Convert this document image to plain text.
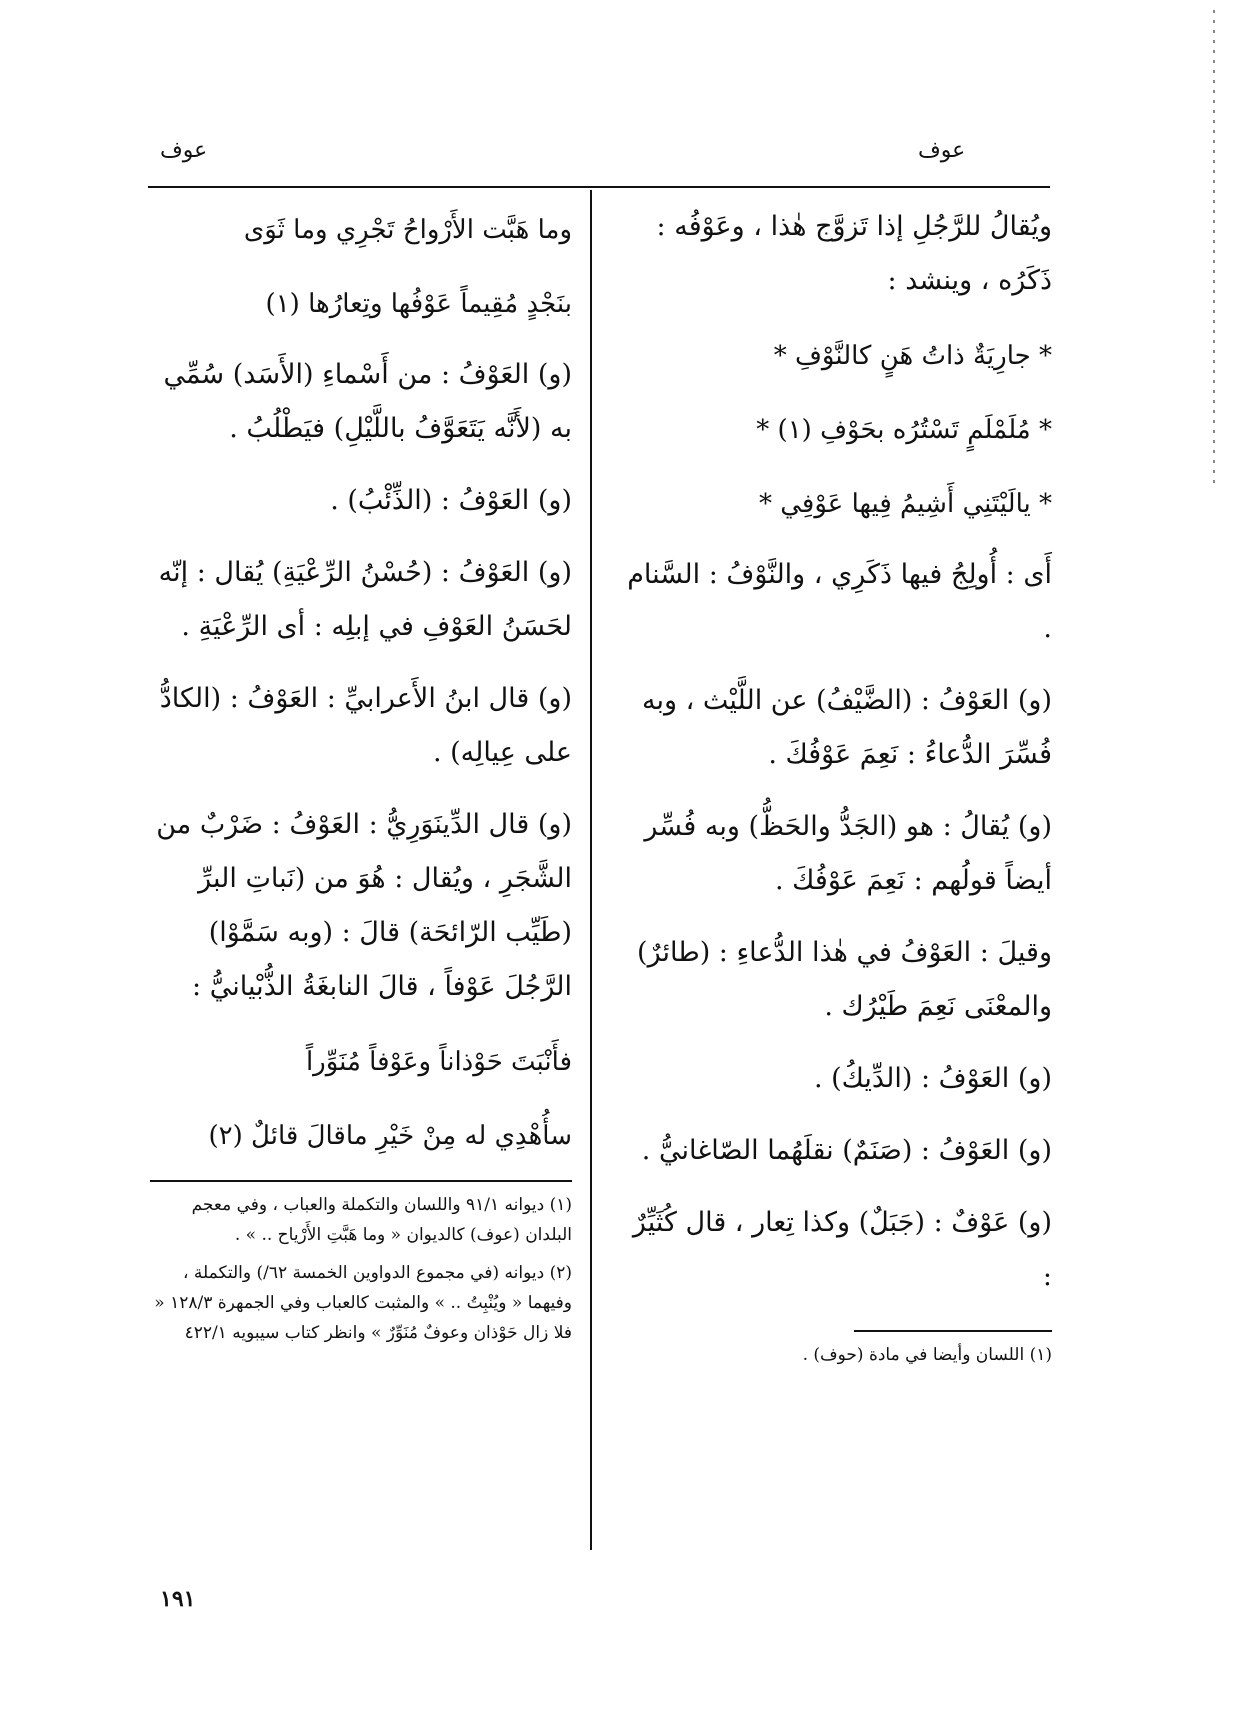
عوف
عوف

ويُقالُ للرَّجُلِ إذا تَزوَّج هٰذا ، وعَوْفُه : ذَكَرُه ، وينشد :

* جارِيَةٌ ذاتُ هَنٍ كالنَّوْفِ *

* مُلَمْلَمٍ تَسْتُرُه بحَوْفِ (١) *

* يالَيْتَنِي أَشِيمُ فِيها عَوْفِي *

أَى : أُولِجُ فيها ذَكَرِي ، والنَّوْفُ : السَّنام .

(و) العَوْفُ : (الضَّيْفُ) عن اللَّيْث ، وبه فُسِّرَ الدُّعاءُ : نَعِمَ عَوْفُكَ .

(و) يُقالُ : هو (الجَدُّ والحَظُّ) وبه فُسِّر أيضاً قولُهم : نَعِمَ عَوْفُكَ .

وقيلَ : العَوْفُ في هٰذا الدُّعاءِ : (طائرٌ) والمعْنَى نَعِمَ طَيْرُك .

(و) العَوْفُ : (الدِّيكُ) .

(و) العَوْفُ : (صَنَمٌ) نقلَهُما الصّاغانيُّ .

(و) عَوْفٌ : (جَبَلٌ) وكذا تِعار ، قال كُثَيِّرٌ :

(١) اللسان وأيضا في مادة (حوف) .

وما هَبَّت الأَرْواحُ تَجْرِي وما ثَوَى

بنَجْدٍ مُقِيماً عَوْفُها وتِعارُها (١)

(و) العَوْفُ : من أَسْماءِ (الأَسَد) سُمِّي به (لأَنَّه يَتَعَوَّفُ باللَّيْلِ) فيَطْلُبُ .

(و) العَوْفُ : (الذِّئْبُ) .

(و) العَوْفُ : (حُسْنُ الرِّعْيَةِ) يُقال : إنّه لحَسَنُ العَوْفِ في إبلِه : أى الرِّعْيَةِ .

(و) قال ابنُ الأَعرابيِّ : العَوْفُ : (الكادُّ على عِيالِه) .

(و) قال الدِّينَوَرِيُّ : العَوْفُ : ضَرْبٌ من الشَّجَرِ ، ويُقال : هُوَ من (نَباتِ البرِّ (طَيِّب الرّائحَة) قالَ : (وبه سَمَّوْا) الرَّجُلَ عَوْفاً ، قالَ النابغَةُ الذُّبْيانيُّ :

فأَنْبَتَ حَوْذاناً وعَوْفاً مُنَوِّراً

سأُهْدِي له مِنْ خَيْرِ ماقالَ قائلٌ (٢)

(١) ديوانه ٩١/١ واللسان والتكملة والعباب ، وفي معجم البلدان (عوف) كالديوان « وما هَبَّتِ الأَرْياح .. » .

(٢) ديوانه (في مجموع الدواوين الخمسة ٦٢/) والتكملة ، وفيهما « ويُنْبِتُ .. » والمثبت كالعباب وفي الجمهرة ١٢٨/٣ « فلا زال حَوْذان وعوفٌ مُنَوِّرٌ » وانظر كتاب سيبويه ٤٢٢/١

١٩١
